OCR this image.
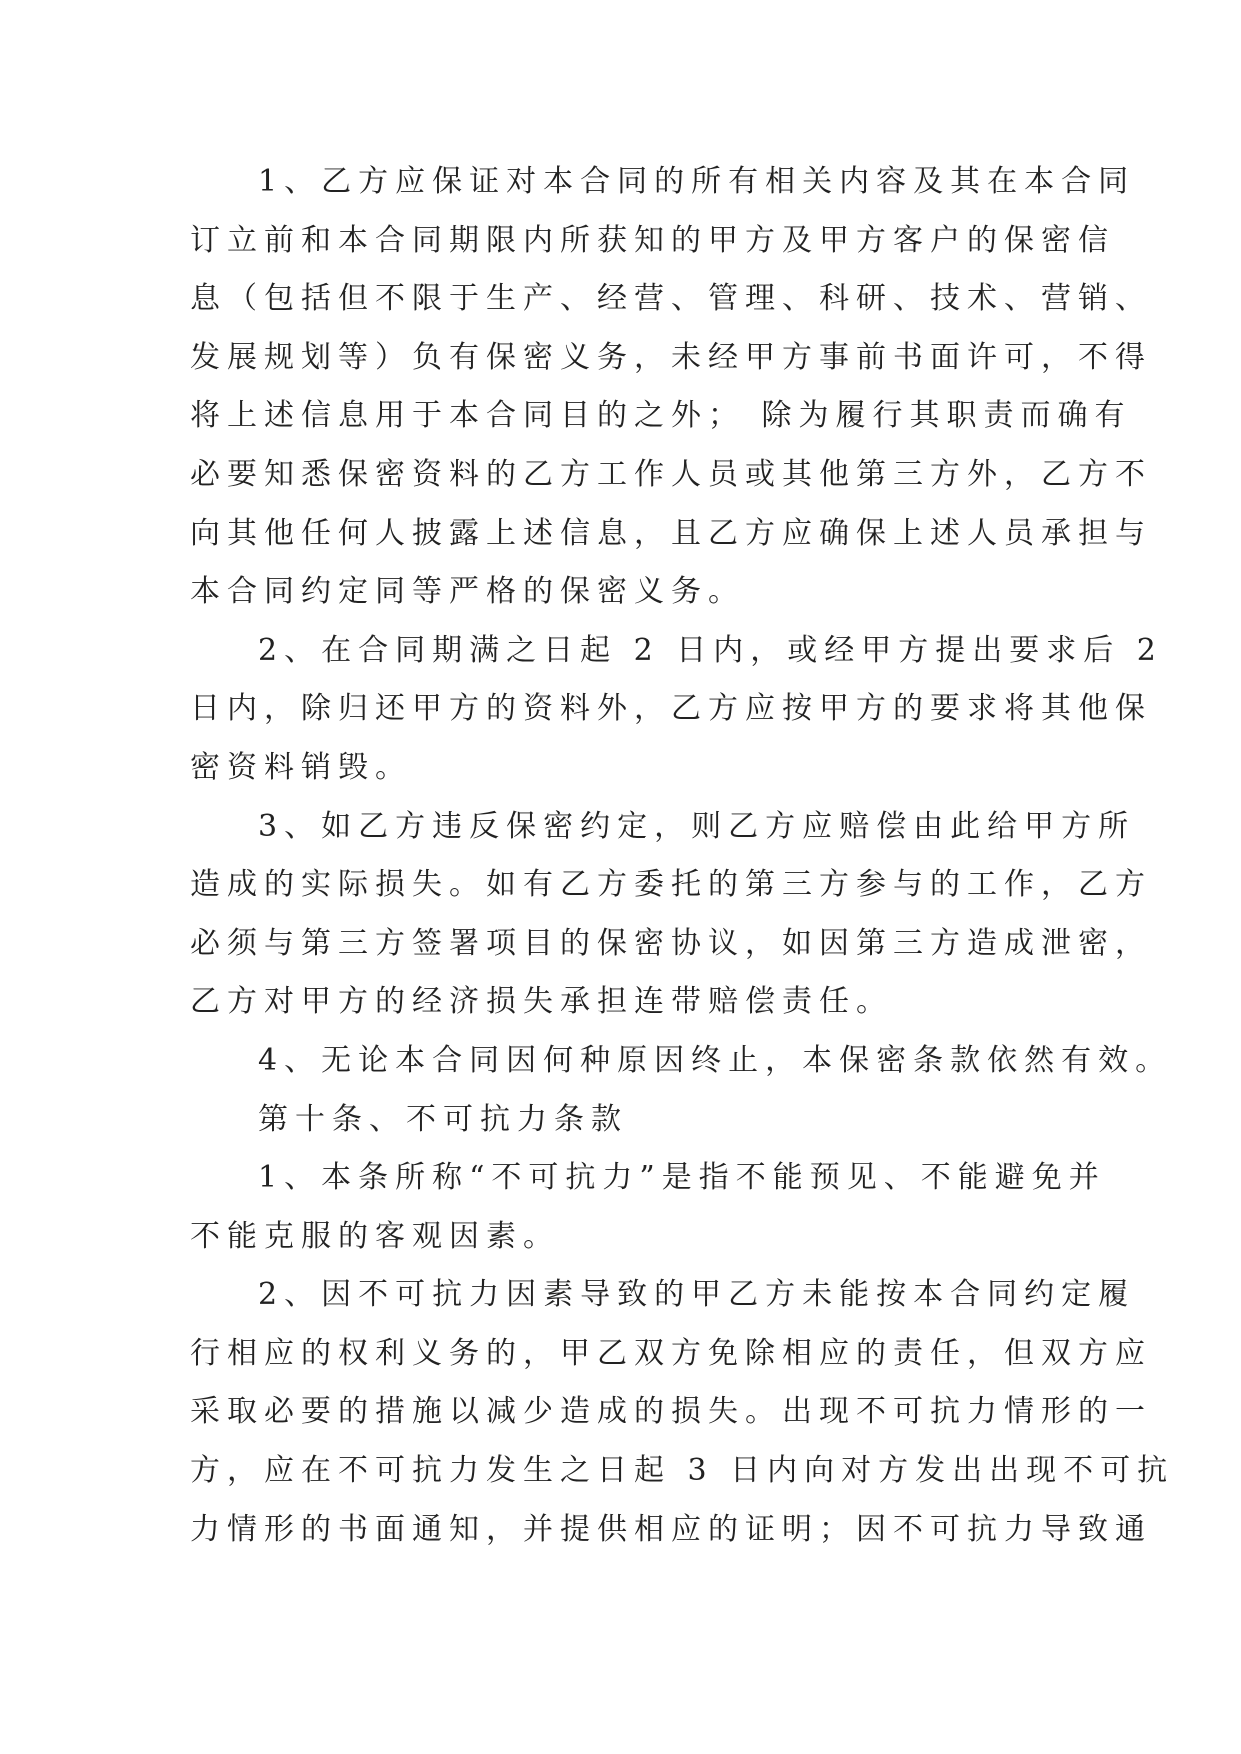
1、乙方应保证对本合同的所有相关内容及其在本合同
订立前和本合同期限内所获知的甲方及甲方客户的保密信
息（包括但不限于生产、经营、管理、科研、技术、营销、
发展规划等）负有保密义务，未经甲方事前书面许可，不得
将上述信息用于本合同目的之外； 除为履行其职责而确有
必要知悉保密资料的乙方工作人员或其他第三方外，乙方不
向其他任何人披露上述信息，且乙方应确保上述人员承担与
本合同约定同等严格的保密义务。

2、在合同期满之日起 2 日内，或经甲方提出要求后 2
日内，除归还甲方的资料外，乙方应按甲方的要求将其他保
密资料销毁。

3、如乙方违反保密约定，则乙方应赔偿由此给甲方所
造成的实际损失。如有乙方委托的第三方参与的工作，乙方
必须与第三方签署项目的保密协议，如因第三方造成泄密，
乙方对甲方的经济损失承担连带赔偿责任。

4、无论本合同因何种原因终止，本保密条款依然有效。

第十条、不可抗力条款

1、本条所称“不可抗力”是指不能预见、不能避免并
不能克服的客观因素。

2、因不可抗力因素导致的甲乙方未能按本合同约定履
行相应的权利义务的，甲乙双方免除相应的责任，但双方应
采取必要的措施以减少造成的损失。出现不可抗力情形的一
方，应在不可抗力发生之日起 3 日内向对方发出出现不可抗
力情形的书面通知，并提供相应的证明；因不可抗力导致通
